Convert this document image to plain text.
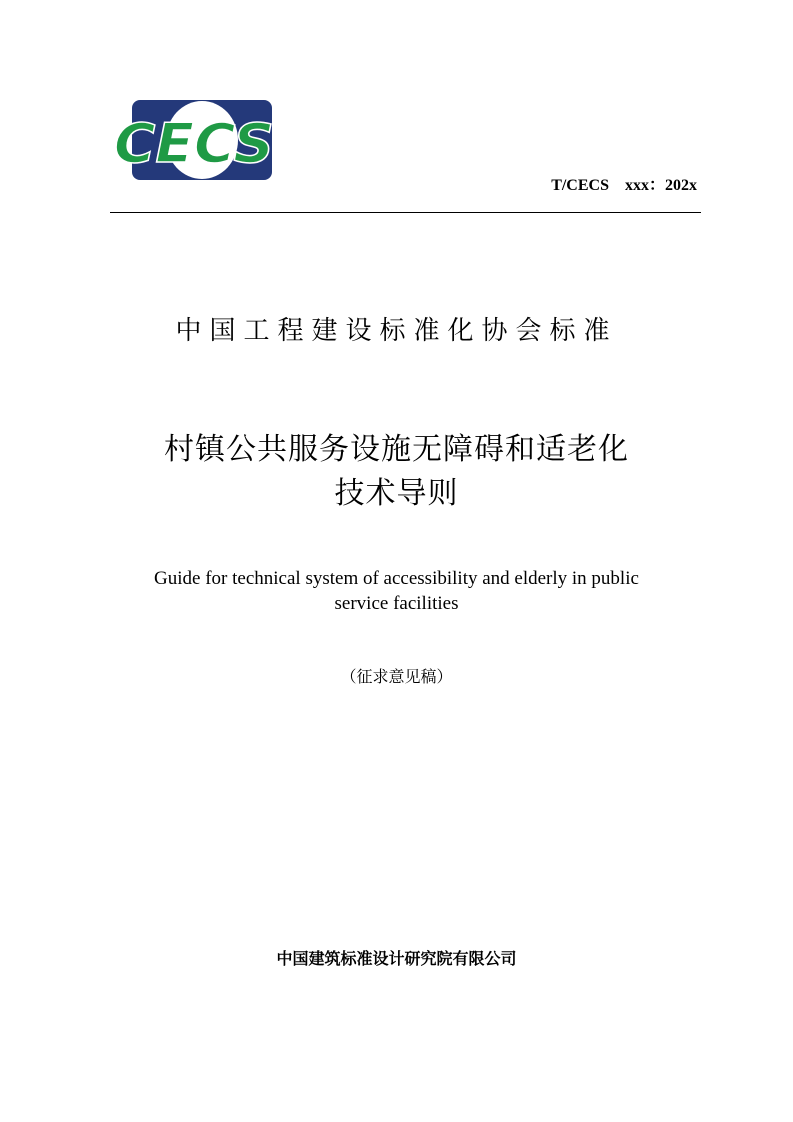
CECS
T/CECS    xxx：202x
中国工程建设标准化协会标准
村镇公共服务设施无障碍和适老化
技术导则
Guide for technical system of accessibility and elderly in public
service facilities
（征求意见稿）
中国建筑标准设计研究院有限公司
